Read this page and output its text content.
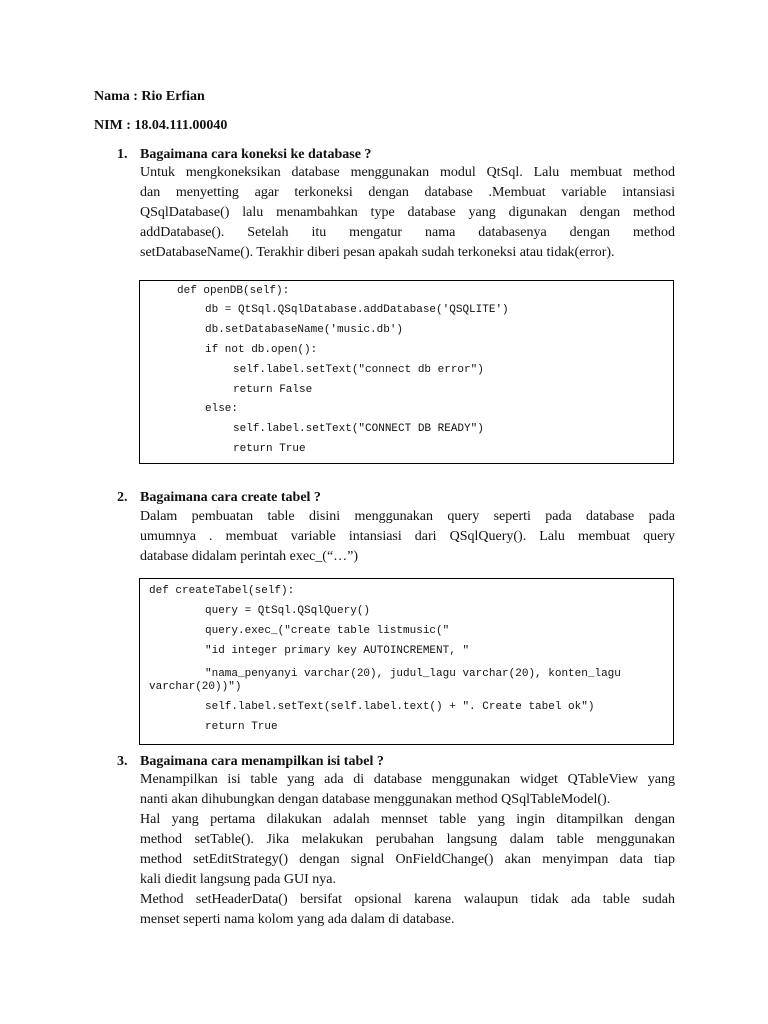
Nama : Rio Erfian
NIM : 18.04.111.00040
1. Bagaimana cara koneksi ke database ?
Untuk mengkoneksikan database menggunakan modul QtSql. Lalu membuat method
dan menyetting agar terkoneksi dengan database .Membuat variable intansiasi
QSqlDatabase() lalu menambahkan type database yang digunakan dengan method
addDatabase(). Setelah itu mengatur nama databasenya dengan method
setDatabaseName(). Terakhir diberi pesan apakah sudah terkoneksi atau tidak(error).
def openDB(self):
db = QtSql.QSqlDatabase.addDatabase('QSQLITE')
db.setDatabaseName('music.db')
if not db.open():
self.label.setText("connect db error")
return False
else:
self.label.setText("CONNECT DB READY")
return True
2. Bagaimana cara create tabel ?
Dalam pembuatan table disini menggunakan query seperti pada database pada
umumnya . membuat variable intansiasi dari QSqlQuery(). Lalu membuat query
database didalam perintah exec_(“…”)
def createTabel(self):
query = QtSql.QSqlQuery()
query.exec_("create table listmusic("
"id integer primary key AUTOINCREMENT, "
"nama_penyanyi varchar(20), judul_lagu varchar(20), konten_lagu
varchar(20))")
self.label.setText(self.label.text() + ". Create tabel ok")
return True
3. Bagaimana cara menampilkan isi tabel ?
Menampilkan isi table yang ada di database menggunakan widget QTableView yang
nanti akan dihubungkan dengan database menggunakan method QSqlTableModel().
Hal yang pertama dilakukan adalah mennset table yang ingin ditampilkan dengan
method setTable(). Jika melakukan perubahan langsung dalam table menggunakan
method setEditStrategy() dengan signal OnFieldChange() akan menyimpan data tiap
kali diedit langsung pada GUI nya.
Method setHeaderData() bersifat opsional karena walaupun tidak ada table sudah
menset seperti nama kolom yang ada dalam di database.
